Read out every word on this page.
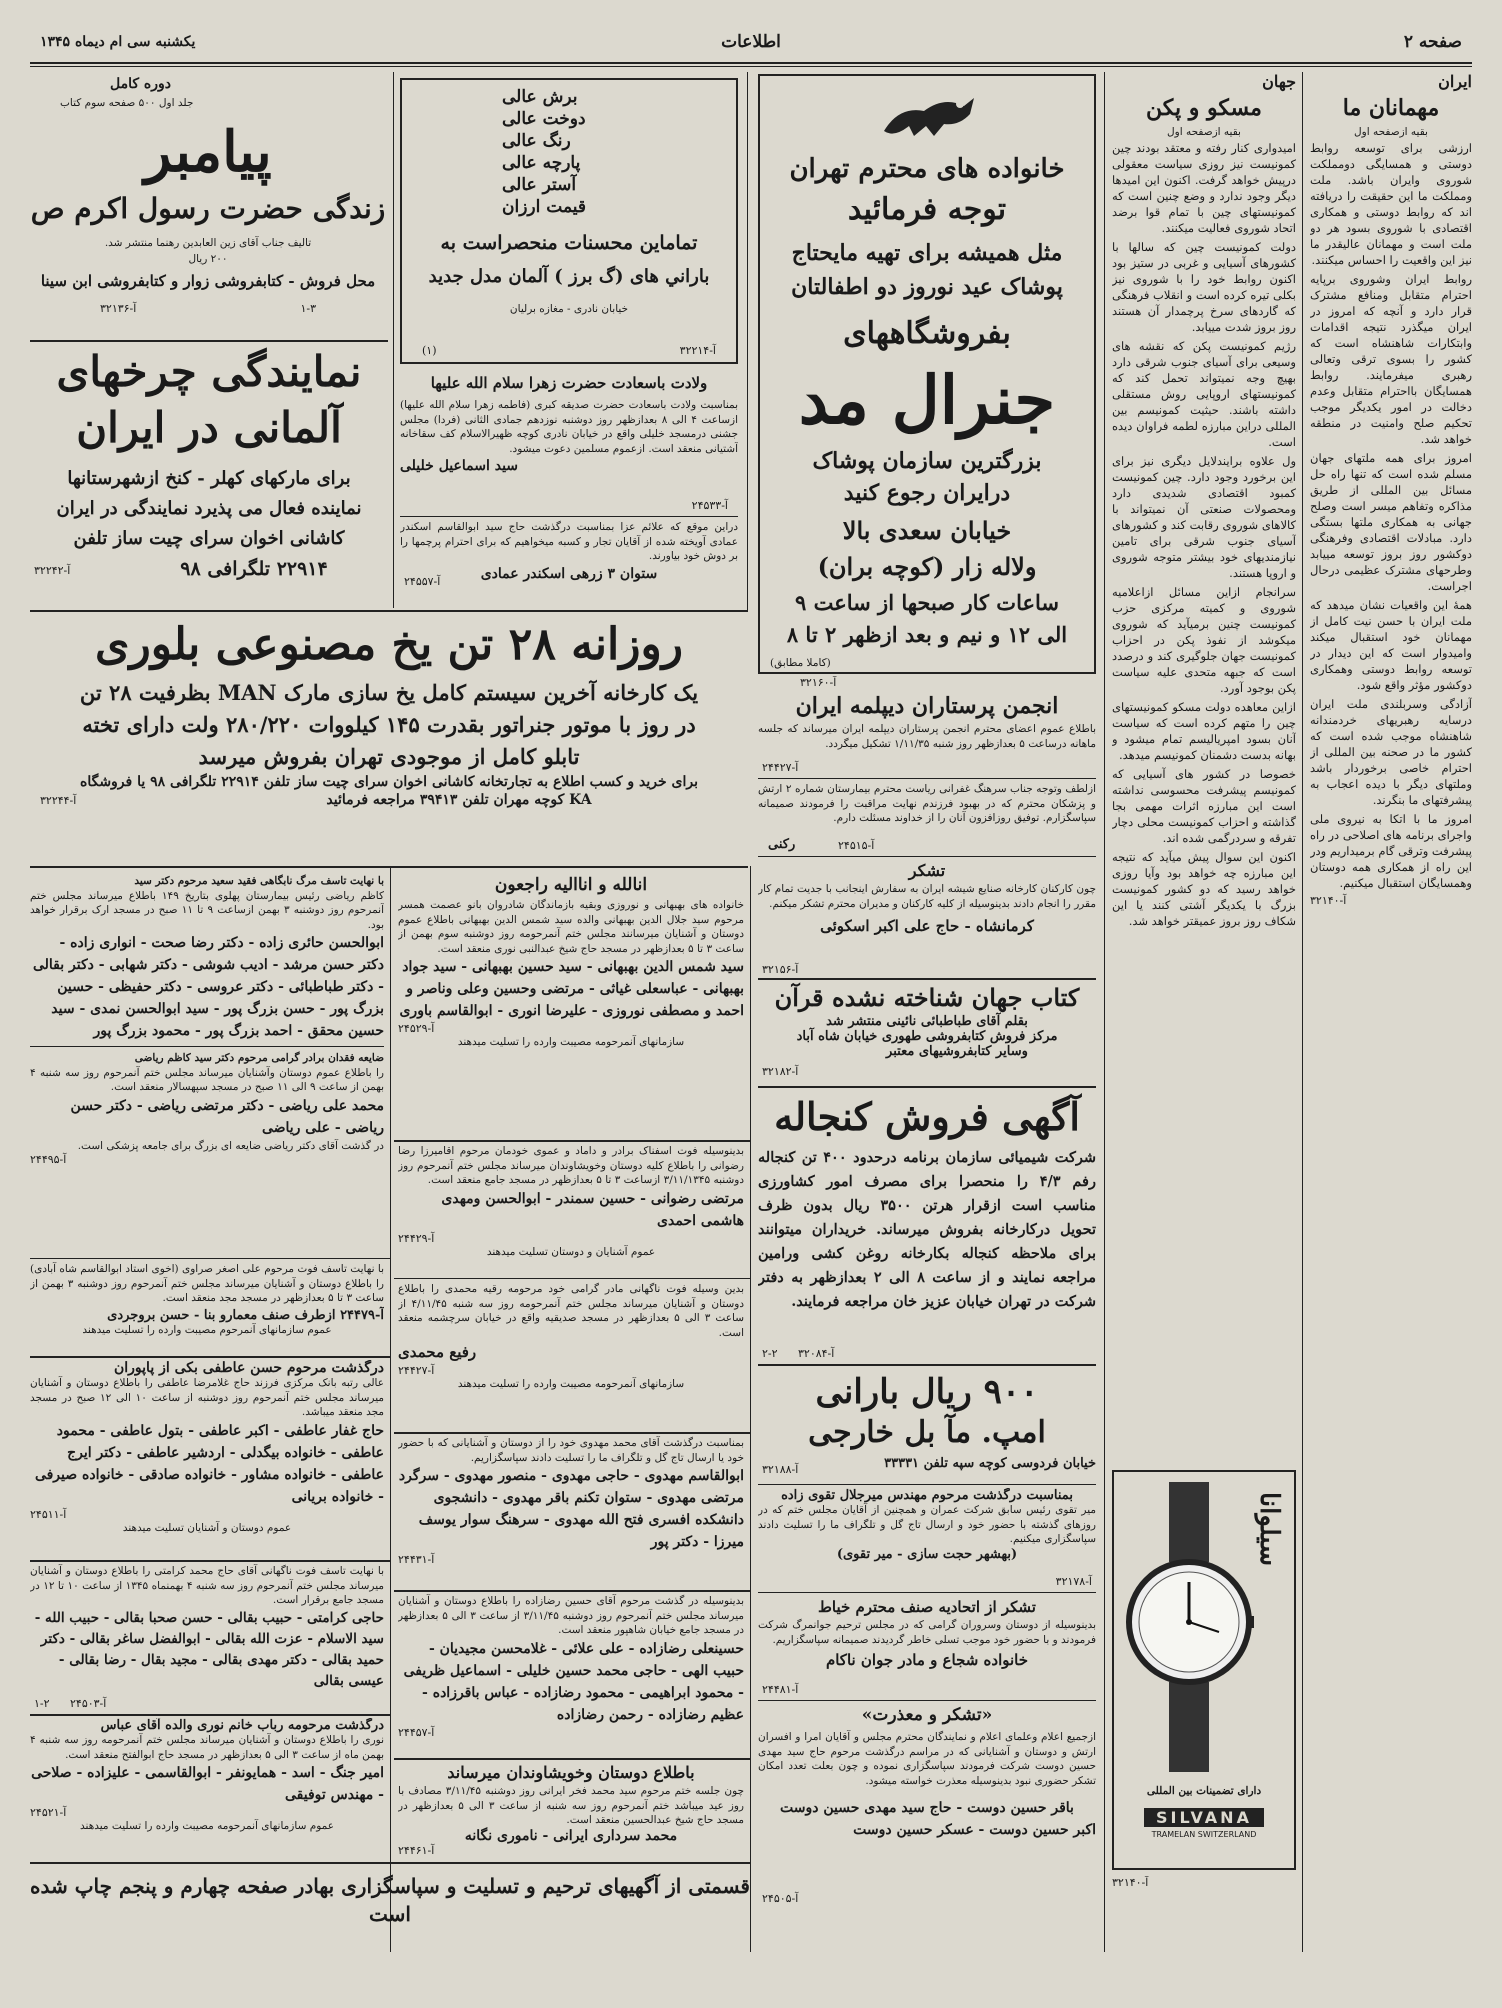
صفحه ۲
اطلاعات
یکشنبه سی ام دیماه ۱۳۴۵
ایران
مهمانان ما
بقیه ازصفحه اول

ارزشی برای توسعه روابط دوستی و همسایگی دومملکت شوروی وایران باشد. ملت ومملکت ما این حقیقت را دریافته اند که روابط دوستی و همکاری اقتصادی با شوروی بسود هر دو ملت است و مهمانان عالیقدر ما نیز این واقعیت را احساس میکنند.

روابط ایران وشوروی برپایه احترام متقابل ومنافع مشترک قرار دارد و آنچه که امروز در ایران میگذرد نتیجه اقدامات وابتکارات شاهنشاه است که کشور را بسوی ترقی وتعالی رهبری میفرمایند. روابط همسایگان بااحترام متقابل وعدم دخالت در امور یکدیگر موجب تحکیم صلح وامنیت در منطقه خواهد شد.

امروز برای همه ملتهای جهان مسلم شده است که تنها راه حل مسائل بین المللی از طریق مذاکره وتفاهم میسر است وصلح جهانی به همکاری ملتها بستگی دارد. مبادلات اقتصادی وفرهنگی دوکشور روز بروز توسعه مییابد وطرحهای مشترک عظیمی درحال اجراست.

همهٔ این واقعیات نشان میدهد که ملت ایران با حسن نیت کامل از مهمانان خود استقبال میکند وامیدوار است که این دیدار در توسعه روابط دوستی وهمکاری دوکشور مؤثر واقع شود.

آزادگی وسربلندی ملت ایران درسایه رهبریهای خردمندانه شاهنشاه موجب شده است که کشور ما در صحنه بین المللی از احترام خاصی برخوردار باشد وملتهای دیگر با دیده اعجاب به پیشرفتهای ما بنگرند.

امروز ما با اتکا به نیروی ملی واجرای برنامه های اصلاحی در راه پیشرفت وترقی گام برمیداریم ودر این راه از همکاری همه دوستان وهمسایگان استقبال میکنیم.

آ-۳۲۱۴۰
جهان
مسکو و پکن
بقیه ازصفحه اول

امیدواری کنار رفته و معتقد بودند چین کمونیست نیز روزی سیاست معقولی درپیش خواهد گرفت. اکنون این امیدها دیگر وجود ندارد و وضع چنین است که کمونیستهای چین با تمام قوا برضد اتحاد شوروی فعالیت میکنند.

دولت کمونیست چین که سالها با کشورهای آسیایی و غربی در ستیز بود اکنون روابط خود را با شوروی نیز بکلی تیره کرده است و انقلاب فرهنگی که گاردهای سرخ پرچمدار آن هستند روز بروز شدت مییابد.

رژیم کمونیست پکن که نقشه های وسیعی برای آسیای جنوب شرقی دارد بهیچ وجه نمیتواند تحمل کند که کمونیستهای اروپایی روش مستقلی داشته باشند. حیثیت کمونیسم بین المللی دراین مبارزه لطمه فراوان دیده است.

ول علاوه برایندلایل دیگری نیز برای این برخورد وجود دارد. چین کمونیست کمبود اقتصادی شدیدی دارد ومحصولات صنعتی آن نمیتواند با کالاهای شوروی رقابت کند و کشورهای آسیای جنوب شرقی برای تامین نیازمندیهای خود بیشتر متوجه شوروی و اروپا هستند.

سرانجام ازاین مسائل ازاعلامیه شوروی و کمیته مرکزی حزب کمونیست چنین برمیآید که شوروی میکوشد از نفوذ پکن در احزاب کمونیست جهان جلوگیری کند و درصدد است که جبهه متحدی علیه سیاست پکن بوجود آورد.

ازاین معاهده دولت مسکو کمونیستهای چین را متهم کرده است که سیاست آنان بسود امپریالیسم تمام میشود و بهانه بدست دشمنان کمونیسم میدهد.

خصوصا در کشور های آسیایی که کمونیسم پیشرفت محسوسی نداشته است این مبارزه اثرات مهمی بجا گذاشته و احزاب کمونیست محلی دچار تفرقه و سردرگمی شده اند.

اکنون این سوال پیش میآید که نتیجه این مبارزه چه خواهد بود وآیا روزی خواهد رسید که دو کشور کمونیست بزرگ با یکدیگر آشتی کنند یا این شکاف روز بروز عمیقتر خواهد شد.

سیلوانا
دارای تضمینات بین المللی
SILVANA
TRAMELAN SWITZERLAND
آ-۳۲۱۴۰
خانواده های محترم تهران
توجه فرمائید
مثل همیشه برای تهیه مایحتاج پوشاک عید نوروز دو اطفالتان
بفروشگاههای
جنرال مد
بزرگترین سازمان پوشاک
درایران رجوع کنید
خیابان سعدی بالا
ولاله زار (کوچه بران)
ساعات کار صبحها از ساعت ۹
الی ۱۲ و نیم و بعد ازظهر ۲ تا ۸
(کاملا مطابق)
آ-۳۲۱۶۰
برش عالی
دوخت عالی
رنگ عالی
پارچه عالی
آستر عالی
قیمت ارزان
تماماین محسنات منحصراست به
باراني های (گ برز ) آلمان مدل جدید
خیابان نادری - مغازه برلیان
آ-۳۲۲۱۴
(۱)
دوره کامل
جلد اول ۵۰۰ صفحه سوم کتاب
پیامبر
زندگی حضرت رسول اکرم ص
تالیف جناب آقای زین العابدین رهنما منتشر شد.
۲۰۰ ریال
محل فروش - کتابفروشی زوار و کتابفروشی ابن سینا
۱-۳
آ-۳۲۱۳۶
نمایندگی چرخهای
آلمانی در ایران
برای مارکهای کهلر - کنخ ازشهرستانها
نماینده فعال می پذیرد نمایندگی در ایران
کاشانی اخوان سرای چیت ساز تلفن
۲۲۹۱۴ تلگرافی ۹۸
آ-۳۲۲۴۲
ولادت باسعادت حضرت زهرا سلام الله علیها
بمناسبت ولادت باسعادت حضرت صدیقه کبری (فاطمه زهرا سلام الله علیها) ازساعت ۴ الی ۸ بعدازظهر روز دوشنبه نوزدهم جمادی الثانی (فردا) مجلس جشنی درمسجد خلیلی واقع در خیابان نادری کوچه ظهیرالاسلام کف سقاخانه آشتیانی منعقد است. ازعموم مسلمین دعوت میشود.
سید اسماعیل خلیلی
آ-۲۴۵۳۳
دراین موقع که علائم عزا بمناسبت درگذشت حاج سید ابوالقاسم اسکندر عمادی آویخته شده از آقایان تجار و کسبه میخواهیم که برای احترام پرچمها را بر دوش خود بیاورند.
ستوان ۳ زرهی اسکندر عمادی
آ-۲۴۵۵۷
روزانه ۲۸ تن یخ مصنوعی بلوری
یک کارخانه آخرین سیستم کامل یخ سازی مارک MAN بظرفیت ۲۸ تن
در روز با موتور جنراتور بقدرت ۱۴۵ کیلووات ۲۸۰/۲۲۰ ولت دارای تخته
تابلو کامل از موجودی تهران بفروش میرسد
برای خرید و کسب اطلاع به تجارتخانه کاشانی اخوان سرای چیت ساز تلفن ۲۲۹۱۴ تلگرافی ۹۸ یا فروشگاه
KA کوچه مهران تلفن ۳۹۴۱۳ مراجعه فرمائید
آ-۳۲۲۴۴
انجمن پرستاران دیپلمه ایران
باطلاع عموم اعضای محترم انجمن پرستاران دیپلمه ایران میرساند که جلسه ماهانه درساعت ۵ بعدازظهر روز شنبه ۱/۱۱/۳۵ تشکیل میگردد.
آ-۲۴۴۲۷
ازلطف وتوجه جناب سرهنگ غفرانی ریاست محترم بیمارستان شماره ۲ ارتش و پزشکان محترم که در بهبود فرزندم نهایت مراقبت را فرمودند صمیمانه سپاسگزارم. توفیق روزافزون آنان را از خداوند مسئلت دارم.
رکنی	آ-۲۴۵۱۵
تشکر
چون کارکنان کارخانه صنایع شیشه ایران به سفارش اینجانب با جدیت تمام کار مقرر را انجام دادند بدینوسیله از کلیه کارکنان و مدیران محترم تشکر میکنم.
کرمانشاه - حاج علی اکبر اسکوئی
آ-۳۲۱۵۶
کتاب جهان شناخته نشده قرآن
بقلم آقای طباطبائی نائینی منتشر شد
مرکز فروش کتابفروشی طهوری خیابان شاه آباد
وسایر کتابفروشیهای معتبر
آ-۳۲۱۸۲
آگهی فروش کنجاله
شرکت شیمیائی سازمان برنامه درحدود ۴۰۰ تن کنجاله رفم ۴/۳ را منحصرا برای مصرف امور کشاورزی مناسب است ازقرار هرتن ۳۵۰۰ ریال بدون ظرف تحویل درکارخانه بفروش میرساند. خریداران میتوانند برای ملاحظه کنجاله بکارخانه روغن کشی ورامین مراجعه نمایند و از ساعت ۸ الی ۲ بعدازظهر به دفتر شرکت در تهران خیابان عزیز خان مراجعه فرمایند.
آ-۳۲۰۸۴
۲-۲
۹۰۰ ریال بارانی
امپ. مآ بل خارجی
خیابان فردوسی کوچه سپه تلفن ۳۳۳۳۱
آ-۳۲۱۸۸
بمناسبت درگذشت مرحوم مهندس میرجلال تقوی زاده
میر تقوی رئیس سابق شرکت عمران و همچنین از آقایان مجلس ختم که در روزهای گذشته با حضور خود و ارسال تاج گل و تلگراف ما را تسلیت دادند سپاسگزاری میکنیم.
(بهشهر حجت سازی - میر تقوی)
آ-۳۲۱۷۸
تشکر از اتحادیه صنف محترم خیاط
بدینوسیله از دوستان وسروران گرامی که در مجلس ترحیم جوانمرگ شرکت فرمودند و با حضور خود موجب تسلی خاطر گردیدند صمیمانه سپاسگزاریم.
خانواده شجاع و مادر جوان ناکام
آ-۲۴۴۸۱
«تشکر و معذرت»
ازجمیع اعلام وعلمای اعلام و نمایندگان محترم مجلس و آقایان امرا و افسران ارتش و دوستان و آشنایانی که در مراسم درگذشت مرحوم حاج سید مهدی حسین دوست شرکت فرمودند سپاسگزاری نموده و چون بعلت تعدد امکان تشکر حضوری نبود بدینوسیله معذرت خواسته میشود.
باقر حسین دوست - حاج سید مهدی حسین دوست
اکبر حسین دوست - عسکر حسین دوست
آ-۲۴۵۰۵
با نهایت تاسف مرگ نابگاهی فقید سعید مرحوم دکتر سید
کاظم ریاضی رئیس بیمارستان پهلوی بتاریخ ۱۴۹ باطلاع میرساند مجلس ختم آنمرحوم روز دوشنبه ۳ بهمن ازساعت ۹ تا ۱۱ صبح در مسجد ارک برقرار خواهد بود.
ابوالحسن حائری زاده - دکتر رضا صحت - انواری زاده - دکتر حسن مرشد - ادیب شوشی - دکتر شهابی - دکتر بقالی - دکتر طباطبائی - دکتر عروسی - دکتر حفیظی - حسین بزرگ پور - حسن بزرگ پور - سید ابوالحسن نمدی - سید حسین محقق - احمد بزرگ پور - محمود بزرگ پور
ضایعه فقدان برادر گرامی مرحوم دکتر سید کاظم ریاضی
را باطلاع عموم دوستان وآشنایان میرساند مجلس ختم آنمرحوم روز سه شنبه ۴ بهمن از ساعت ۹ الی ۱۱ صبح در مسجد سپهسالار منعقد است.
محمد علی ریاضی - دکتر مرتضی ریاضی - دکتر حسن ریاضی - علی ریاضی
در گذشت آقای دکتر ریاضی ضایعه ای بزرگ برای جامعه پزشکی است.
آ-۲۴۴۹۵
با نهایت تاسف فوت مرحوم علی اصغر صراوی (اخوی استاد ابوالقاسم شاه آبادی) را باطلاع دوستان و آشنایان میرساند مجلس ختم آنمرحوم روز دوشنبه ۳ بهمن از ساعت ۳ تا ۵ بعدازظهر در مسجد مجد منعقد است.
آ-۲۴۴۷۹ ازطرف صنف معمارو بنا - حسن بروجردی
عموم سازمانهای آنمرحوم مصیبت وارده را تسلیت میدهند
درگذشت مرحوم حسن عاطفی بکی از پاپوران
عالی رتبه بانک مرکزی فرزند حاج غلامرضا عاطفی را باطلاع دوستان و آشنایان میرساند مجلس ختم آنمرحوم روز دوشنبه از ساعت ۱۰ الی ۱۲ صبح در مسجد مجد منعقد میباشد.
حاج غفار عاطفی - اکبر عاطفی - بتول عاطفی - محمود عاطفی - خانواده بیگدلی - اردشیر عاطفی - دکتر ایرج عاطفی - خانواده مشاور - خانواده صادقی - خانواده صیرفی - خانواده بریانی
آ-۲۴۵۱۱
عموم دوستان و آشنایان تسلیت میدهند
با نهایت تاسف فوت ناگهانی آقای حاج محمد کرامتی را باطلاع دوستان و آشنایان میرساند مجلس ختم آنمرحوم روز سه شنبه ۴ بهمنماه ۱۳۴۵ از ساعت ۱۰ تا ۱۲ در مسجد جامع برقرار است.
حاجی کرامتی - حبیب بقالی - حسن صحبا بقالی - حبیب الله - سید الاسلام - عزت الله بقالی - ابوالفضل ساغر بقالی - دکتر حمید بقالی - دکتر مهدی بقالی - مجید بقال - رضا بقالی - عیسی بقالی
آ-۲۴۵۰۳
۱-۲
درگذشت مرحومه رباب خانم نوری والده آقای عباس
نوری را باطلاع دوستان و آشنایان میرساند مجلس ختم آنمرحومه روز سه شنبه ۴ بهمن ماه از ساعت ۳ الی ۵ بعدازظهر در مسجد حاج ابوالفتح منعقد است.
امیر جنگ - اسد - همایونفر - ابوالقاسمی - علیزاده - صلاحی - مهندس توفیقی
آ-۲۴۵۲۱
عموم سازمانهای آنمرحومه مصیبت وارده را تسلیت میدهند
انالله و اناالیه راجعون
خانواده های بهبهانی و نوروزی وبقیه بازماندگان شادروان بانو عصمت همسر مرحوم سید جلال الدین بهبهانی والده سید شمس الدین بهبهانی باطلاع عموم دوستان و آشنایان میرسانند مجلس ختم آنمرحومه روز دوشنبه سوم بهمن از ساعت ۳ تا ۵ بعدازظهر در مسجد حاج شیخ عبدالنبی نوری منعقد است.
سید شمس الدین بهبهانی - سید حسین بهبهانی - سید جواد بهبهانی - عباسعلی غیاثی - مرتضی وحسین وعلی وناصر و احمد و مصطفی نوروزی - علیرضا انوری - ابوالقاسم باوری
آ-۲۴۵۲۹
سازمانهای آنمرحومه مصیبت وارده را تسلیت میدهند
بدینوسیله فوت اسفناک برادر و داماد و عموی خودمان مرحوم اقامیرزا رضا رضوانی را باطلاع کلیه دوستان وخویشاوندان میرساند مجلس ختم آنمرحوم روز دوشنبه ۳/۱۱/۱۳۴۵ ازساعت ۳ تا ۵ بعدازظهر در مسجد جامع منعقد است.
مرتضی رضوانی - حسین سمندر - ابوالحسن ومهدی هاشمی احمدی
آ-۲۴۴۲۹
عموم آشنایان و دوستان تسلیت میدهند
بدین وسیله فوت ناگهانی مادر گرامی خود مرحومه رقیه محمدی را باطلاع دوستان و آشنایان میرساند مجلس ختم آنمرحومه روز سه شنبه ۴/۱۱/۴۵ از ساعت ۳ الی ۵ بعدازظهر در مسجد صدیقیه واقع در خیابان سرچشمه منعقد است.
رفیع محمدی
آ-۲۴۴۲۷
سازمانهای آنمرحومه مصیبت وارده را تسلیت میدهند
بمناسبت درگذشت آقای محمد مهدوی خود را از دوستان و آشنایانی که با حضور خود یا ارسال تاج گل و تلگراف ما را تسلیت دادند سپاسگزاریم.
ابوالقاسم مهدوی - حاجی مهدوی - منصور مهدوی - سرگرد مرتضی مهدوی - ستوان تکنم باقر مهدوی - دانشجوی دانشکده افسری فتح الله مهدوی - سرهنگ سوار یوسف میرزا - دکتر پور
آ-۲۴۴۳۱
بدینوسیله در گذشت مرحوم آقای حسین رضازاده را باطلاع دوستان و آشنایان میرساند مجلس ختم آنمرحوم روز دوشنبه ۳/۱۱/۴۵ از ساعت ۳ الی ۵ بعدازظهر در مسجد جامع خیابان شاهپور منعقد است.
حسینعلی رضازاده - علی علائی - غلامحسن مجیدیان - حبیب الهی - حاجی محمد حسین خلیلی - اسماعیل ظریفی - محمود ابراهیمی - محمود رضازاده - عباس باقرزاده - عظیم رضازاده - رحمن رضازاده
آ-۲۴۴۵۷
باطلاع دوستان وخویشاوندان میرساند
چون جلسه ختم مرحوم سید محمد فخر ایرانی روز دوشنبه ۳/۱۱/۴۵ مصادف با روز عید میباشد ختم آنمرحوم روز سه شنبه از ساعت ۳ الی ۵ بعدازظهر در مسجد حاج شیخ عبدالحسین منعقد است.
محمد سرداری ایرانی - ناموری نگانه
آ-۲۴۴۶۱
قسمتی از آگهیهای ترحیم و تسلیت و سپاسگزاری بهادر صفحه چهارم و پنجم چاپ شده است
